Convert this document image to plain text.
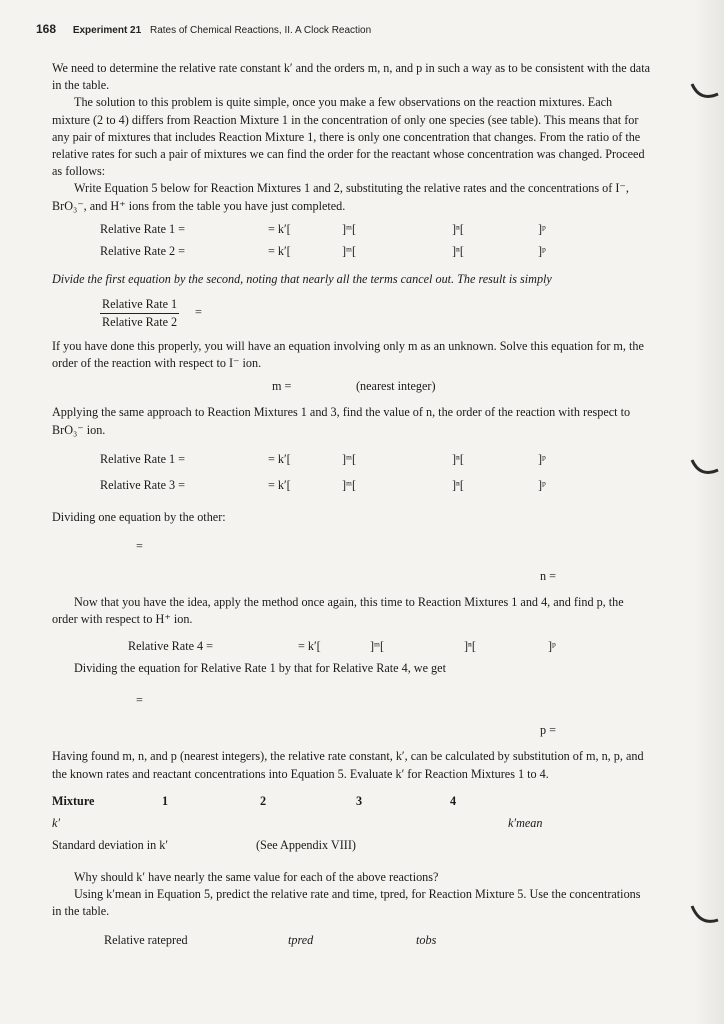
168 Experiment 21 Rates of Chemical Reactions, II. A Clock Reaction

We need to determine the relative rate constant k′ and the orders m, n, and p in such a way as to be consistent with the data in the table.

The solution to this problem is quite simple, once you make a few observations on the reaction mixtures. Each mixture (2 to 4) differs from Reaction Mixture 1 in the concentration of only one species (see table). This means that for any pair of mixtures that includes Reaction Mixture 1, there is only one concentration that changes. From the ratio of the relative rates for such a pair of mixtures we can find the order for the reactant whose concentration was changed. Proceed as follows:

Write Equation 5 below for Reaction Mixtures 1 and 2, substituting the relative rates and the concentrations of I⁻, BrO₃⁻, and H⁺ ions from the table you have just completed.

Relative Rate 1 =	= k′[	]ᵐ[	]ⁿ[	]ᵖ
Relative Rate 2 =	= k′[	]ᵐ[	]ⁿ[	]ᵖ

Divide the first equation by the second, noting that nearly all the terms cancel out. The result is simply

Relative Rate 1
Relative Rate 2
=

If you have done this properly, you will have an equation involving only m as an unknown. Solve this equation for m, the order of the reaction with respect to I⁻ ion.

m =	(nearest integer)

Applying the same approach to Reaction Mixtures 1 and 3, find the value of n, the order of the reaction with respect to BrO₃⁻ ion.

Relative Rate 1 =	= k′[	]ᵐ[	]ⁿ[	]ᵖ
Relative Rate 3 =	= k′[	]ᵐ[	]ⁿ[	]ᵖ

Dividing one equation by the other:

=
n =

Now that you have the idea, apply the method once again, this time to Reaction Mixtures 1 and 4, and find p, the order with respect to H⁺ ion.

Relative Rate 4 =	= k′[	]ᵐ[	]ⁿ[	]ᵖ
Dividing the equation for Relative Rate 1 by that for Relative Rate 4, we get
=
p =

Having found m, n, and p (nearest integers), the relative rate constant, k′, can be calculated by substitution of m, n, p, and the known rates and reactant concentrations into Equation 5. Evaluate k′ for Reaction Mixtures 1 to 4.

Mixture	1	2	3	4
k′	k′mean
Standard deviation in k′	(See Appendix VIII)

Why should k′ have nearly the same value for each of the above reactions?

Using k′mean in Equation 5, predict the relative rate and time, tpred, for Reaction Mixture 5. Use the concentrations in the table.

Relative ratepred	tpred	tobs
